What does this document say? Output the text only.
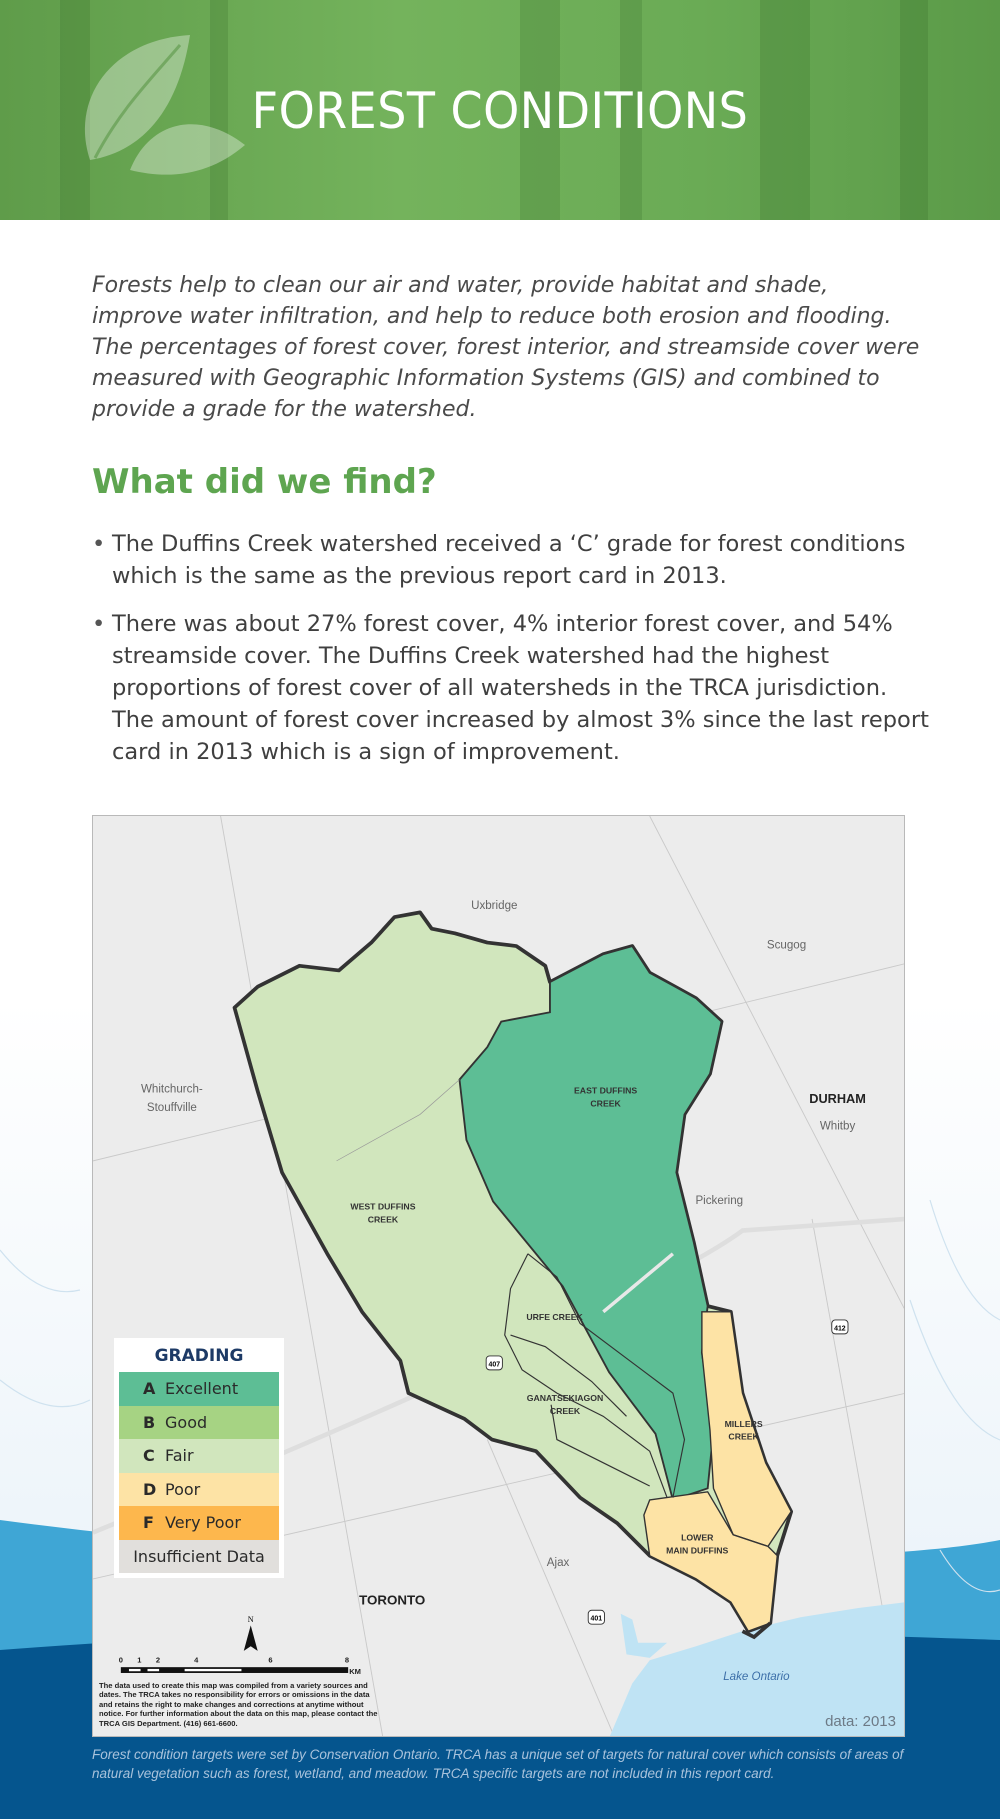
FOREST CONDITIONS

Forests help to clean our air and water, provide habitat and shade, improve water infiltration, and help to reduce both erosion and flooding. The percentages of forest cover, forest interior, and streamside cover were measured with Geographic Information Systems (GIS) and combined to provide a grade for the watershed.

What did we find?
• The Duffins Creek watershed received a ‘C’ grade for forest conditions which is the same as the previous report card in 2013.
• There was about 27% forest cover, 4% interior forest cover, and 54% streamside cover. The Duffins Creek watershed had the highest proportions of forest cover of all watersheds in the TRCA jurisdiction. The amount of forest cover increased by almost 3% since the last report card in 2013 which is a sign of improvement.
Uxbridge
Scugog
Whitchurch-
Stouffville
DURHAM
Whitby
Pickering
Ajax
TORONTO
Lake Ontario
EAST DUFFINS
CREEK
WEST DUFFINS
CREEK
URFE CREEK
GANATSEKIAGON
CREEK
MILLERS
CREEK
LOWER
MAIN DUFFINS
407
412
401
N
0 1 2	4	6	8
KM
GRADING
A Excellent
B Good
C Fair
D Poor
F Very Poor
Insufficient Data
The data used to create this map was compiled from a variety sources and dates. The TRCA takes no responsibility for errors or omissions in the data and retains the right to make changes and corrections at anytime without notice. For further information about the data on this map, please contact the TRCA GIS Department. (416) 661-6600.	data: 2013
Forest condition targets were set by Conservation Ontario. TRCA has a unique set of targets for natural cover which consists of areas of natural vegetation such as forest, wetland, and meadow. TRCA specific targets are not included in this report card.
